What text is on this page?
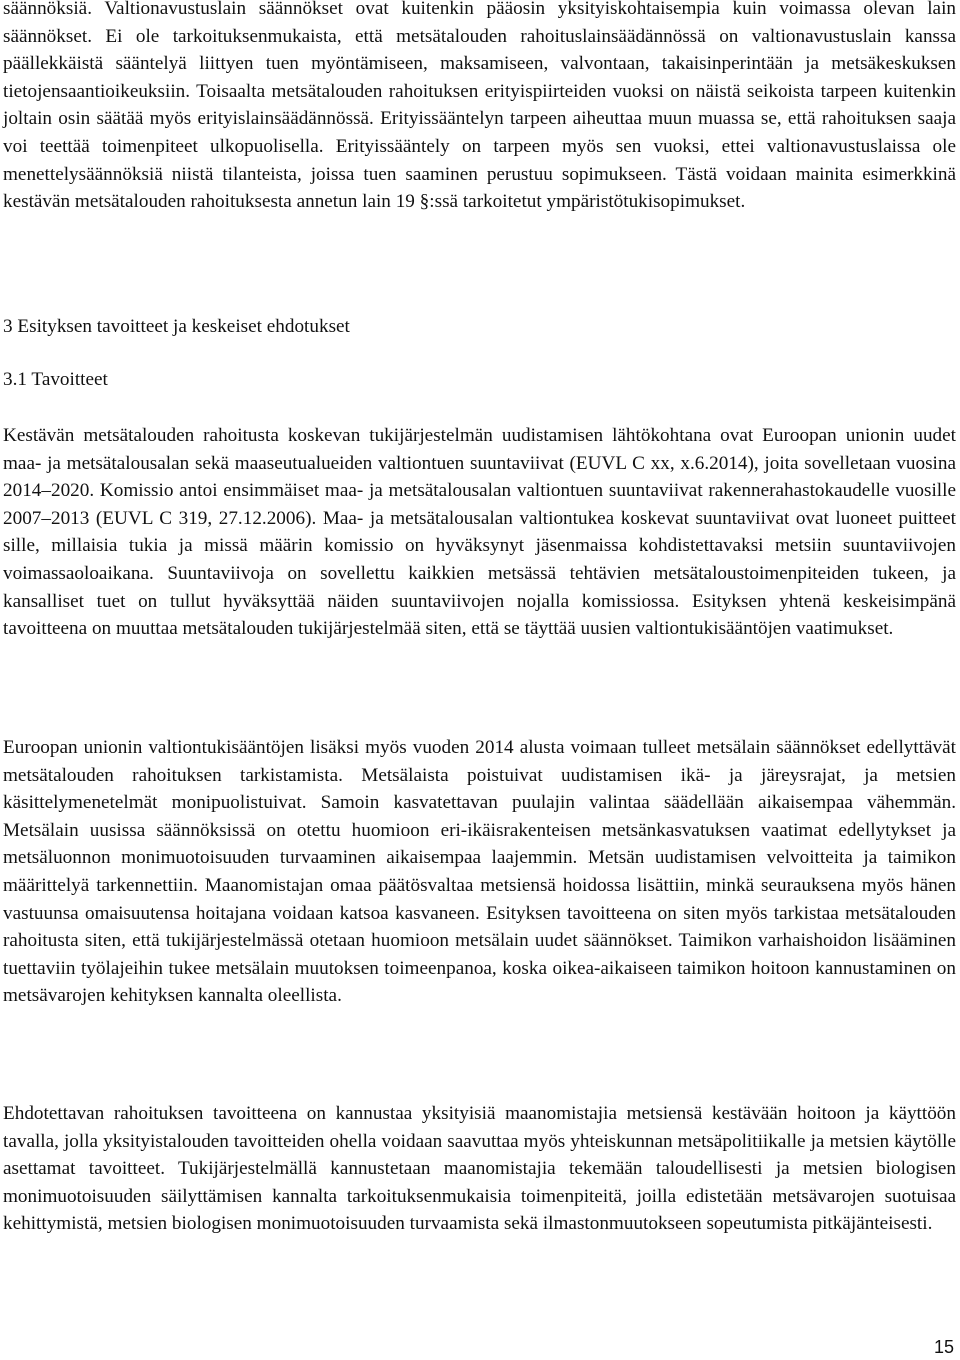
säännöksiä. Valtionavustuslain säännökset ovat kuitenkin pääosin yksityiskohtaisempia kuin voimassa olevan lain säännökset. Ei ole tarkoituksenmukaista, että metsätalouden rahoituslainsäädännössä on valtionavustuslain kanssa päällekkäistä sääntelyä liittyen tuen myöntämiseen, maksamiseen, valvontaan, takaisinperintään ja metsäkeskuksen tietojensaantioikeuksiin. Toisaalta metsätalouden rahoituksen erityispiirteiden vuoksi on näistä seikoista tarpeen kuitenkin joltain osin säätää myös erityislainsäädännössä. Erityissääntelyn tarpeen aiheuttaa muun muassa se, että rahoituksen saaja voi teettää toimenpiteet ulkopuolisella. Erityissääntely on tarpeen myös sen vuoksi, ettei valtionavustuslaissa ole menettelysäännöksiä niistä tilanteista, joissa tuen saaminen perustuu sopimukseen. Tästä voidaan mainita esimerkkinä kestävän metsätalouden rahoituksesta annetun lain 19 §:ssä tarkoitetut ympäristötukisopimukset.

3 Esityksen tavoitteet ja keskeiset ehdotukset
3.1 Tavoitteet

Kestävän metsätalouden rahoitusta koskevan tukijärjestelmän uudistamisen lähtökohtana ovat Euroopan unionin uudet maa- ja metsätalousalan sekä maaseutualueiden valtiontuen suuntaviivat (EUVL C xx, x.6.2014), joita sovelletaan vuosina 2014–2020. Komissio antoi ensimmäiset maa- ja metsätalousalan valtiontuen suuntaviivat rakennerahastokaudelle vuosille 2007–2013 (EUVL C 319, 27.12.2006). Maa- ja metsätalousalan valtiontukea koskevat suuntaviivat ovat luoneet puitteet sille, millaisia tukia ja missä määrin komissio on hyväksynyt jäsenmaissa kohdistettavaksi metsiin suuntaviivojen voimassaoloaikana. Suuntaviivoja on sovellettu kaikkien metsässä tehtävien metsätaloustoimenpiteiden tukeen, ja kansalliset tuet on tullut hyväksyttää näiden suuntaviivojen nojalla komissiossa. Esityksen yhtenä keskeisimpänä tavoitteena on muuttaa metsätalouden tukijärjestelmää siten, että se täyttää uusien valtiontukisääntöjen vaatimukset.

Euroopan unionin valtiontukisääntöjen lisäksi myös vuoden 2014 alusta voimaan tulleet metsälain säännökset edellyttävät metsätalouden rahoituksen tarkistamista. Metsälaista poistuivat uudistamisen ikä- ja järeysrajat, ja metsien käsittelymenetelmät monipuolistuivat. Samoin kasvatettavan puulajin valintaa säädellään aikaisempaa vähemmän. Metsälain uusissa säännöksissä on otettu huomioon eri-ikäisrakenteisen metsänkasvatuksen vaatimat edellytykset ja metsäluonnon monimuotoisuuden turvaaminen aikaisempaa laajemmin. Metsän uudistamisen velvoitteita ja taimikon määrittelyä tarkennettiin. Maanomistajan omaa päätösvaltaa metsiensä hoidossa lisättiin, minkä seurauksena myös hänen vastuunsa omaisuutensa hoitajana voidaan katsoa kasvaneen. Esityksen tavoitteena on siten myös tarkistaa metsätalouden rahoitusta siten, että tukijärjestelmässä otetaan huomioon metsälain uudet säännökset. Taimikon varhaishoidon lisääminen tuettaviin työlajeihin tukee metsälain muutoksen toimeenpanoa, koska oikea-aikaiseen taimikon hoitoon kannustaminen on metsävarojen kehityksen kannalta oleellista.

Ehdotettavan rahoituksen tavoitteena on kannustaa yksityisiä maanomistajia metsiensä kestävään hoitoon ja käyttöön tavalla, jolla yksityistalouden tavoitteiden ohella voidaan saavuttaa myös yhteiskunnan metsäpolitiikalle ja metsien käytölle asettamat tavoitteet. Tukijärjestelmällä kannustetaan maanomistajia tekemään taloudellisesti ja metsien biologisen monimuotoisuuden säilyttämisen kannalta tarkoituksenmukaisia toimenpiteitä, joilla edistetään metsävarojen suotuisaa kehittymistä, metsien biologisen monimuotoisuuden turvaamista sekä ilmastonmuutokseen sopeutumista pitkäjänteisesti.

15
